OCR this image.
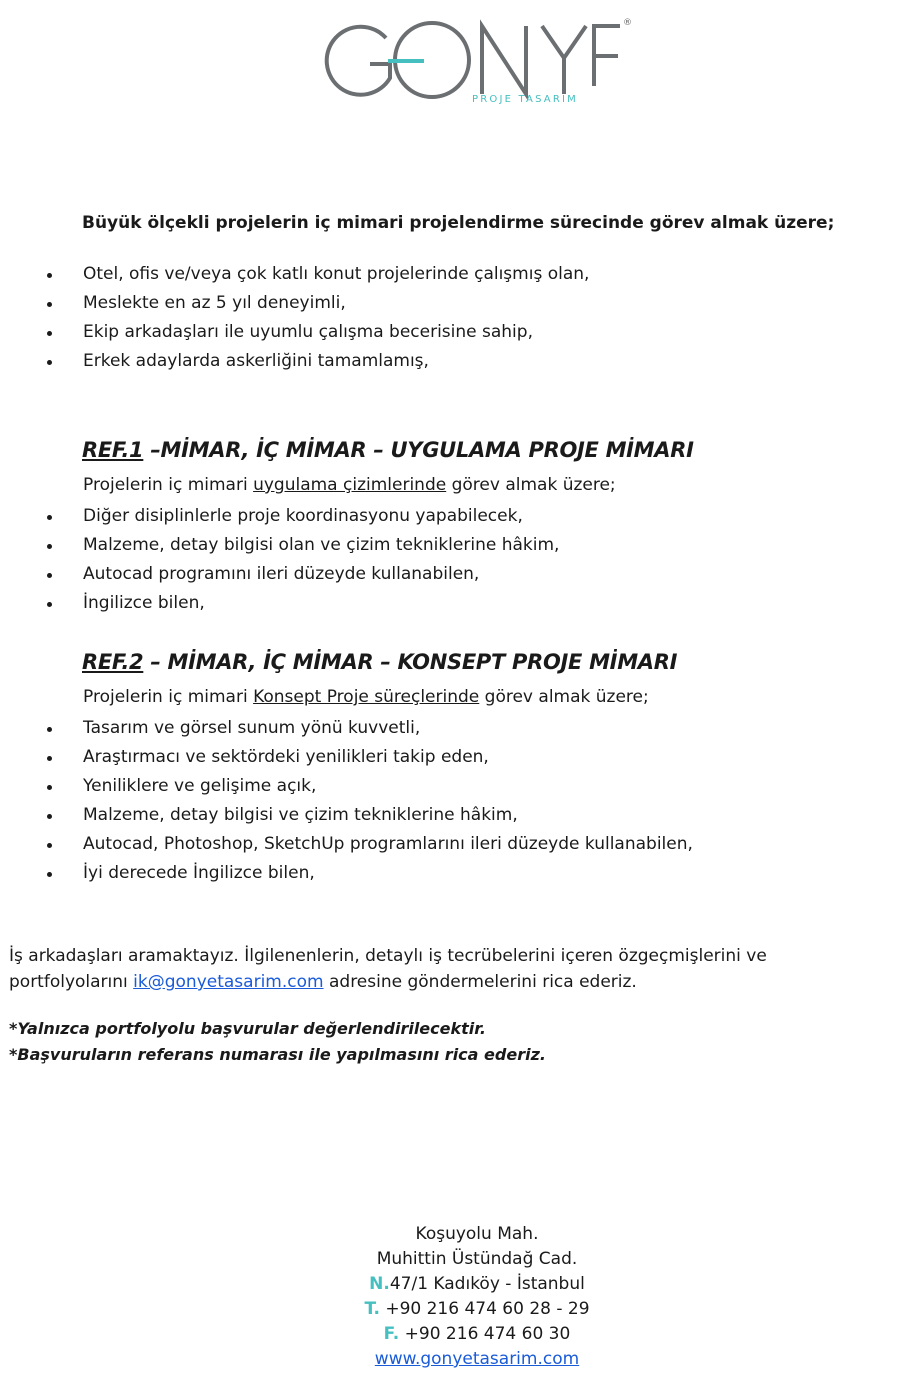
®
PROJE TASARIM
Büyük ölçekli projelerin iç mimari projelendirme sürecinde görev almak üzere;
Otel, ofis ve/veya çok katlı konut projelerinde çalışmış olan,
Meslekte en az 5 yıl deneyimli,
Ekip arkadaşları ile uyumlu çalışma becerisine sahip,
Erkek adaylarda askerliğini tamamlamış,
REF.1 –MİMAR, İÇ MİMAR – UYGULAMA PROJE MİMARI
Projelerin iç mimari uygulama çizimlerinde görev almak üzere;
Diğer disiplinlerle proje koordinasyonu yapabilecek,
Malzeme, detay bilgisi olan ve çizim tekniklerine hâkim,
Autocad programını ileri düzeyde kullanabilen,
İngilizce bilen,
REF.2 – MİMAR, İÇ MİMAR – KONSEPT PROJE MİMARI
Projelerin iç mimari Konsept Proje süreçlerinde görev almak üzere;
Tasarım ve görsel sunum yönü kuvvetli,
Araştırmacı ve sektördeki yenilikleri takip eden,
Yeniliklere ve gelişime açık,
Malzeme, detay bilgisi ve çizim tekniklerine hâkim,
Autocad, Photoshop, SketchUp programlarını ileri düzeyde kullanabilen,
İyi derecede İngilizce bilen,
İş arkadaşları aramaktayız. İlgilenenlerin, detaylı iş tecrübelerini içeren özgeçmişlerini ve portfolyolarını ik@gonyetasarim.com adresine göndermelerini rica ederiz.
*Yalnızca portfolyolu başvurular değerlendirilecektir.
*Başvuruların referans numarası ile yapılmasını rica ederiz.
Koşuyolu Mah.
Muhittin Üstündağ Cad.
N.47/1 Kadıköy - İstanbul
T. +90 216 474 60 28 - 29
F. +90 216 474 60 30
www.gonyetasarim.com
